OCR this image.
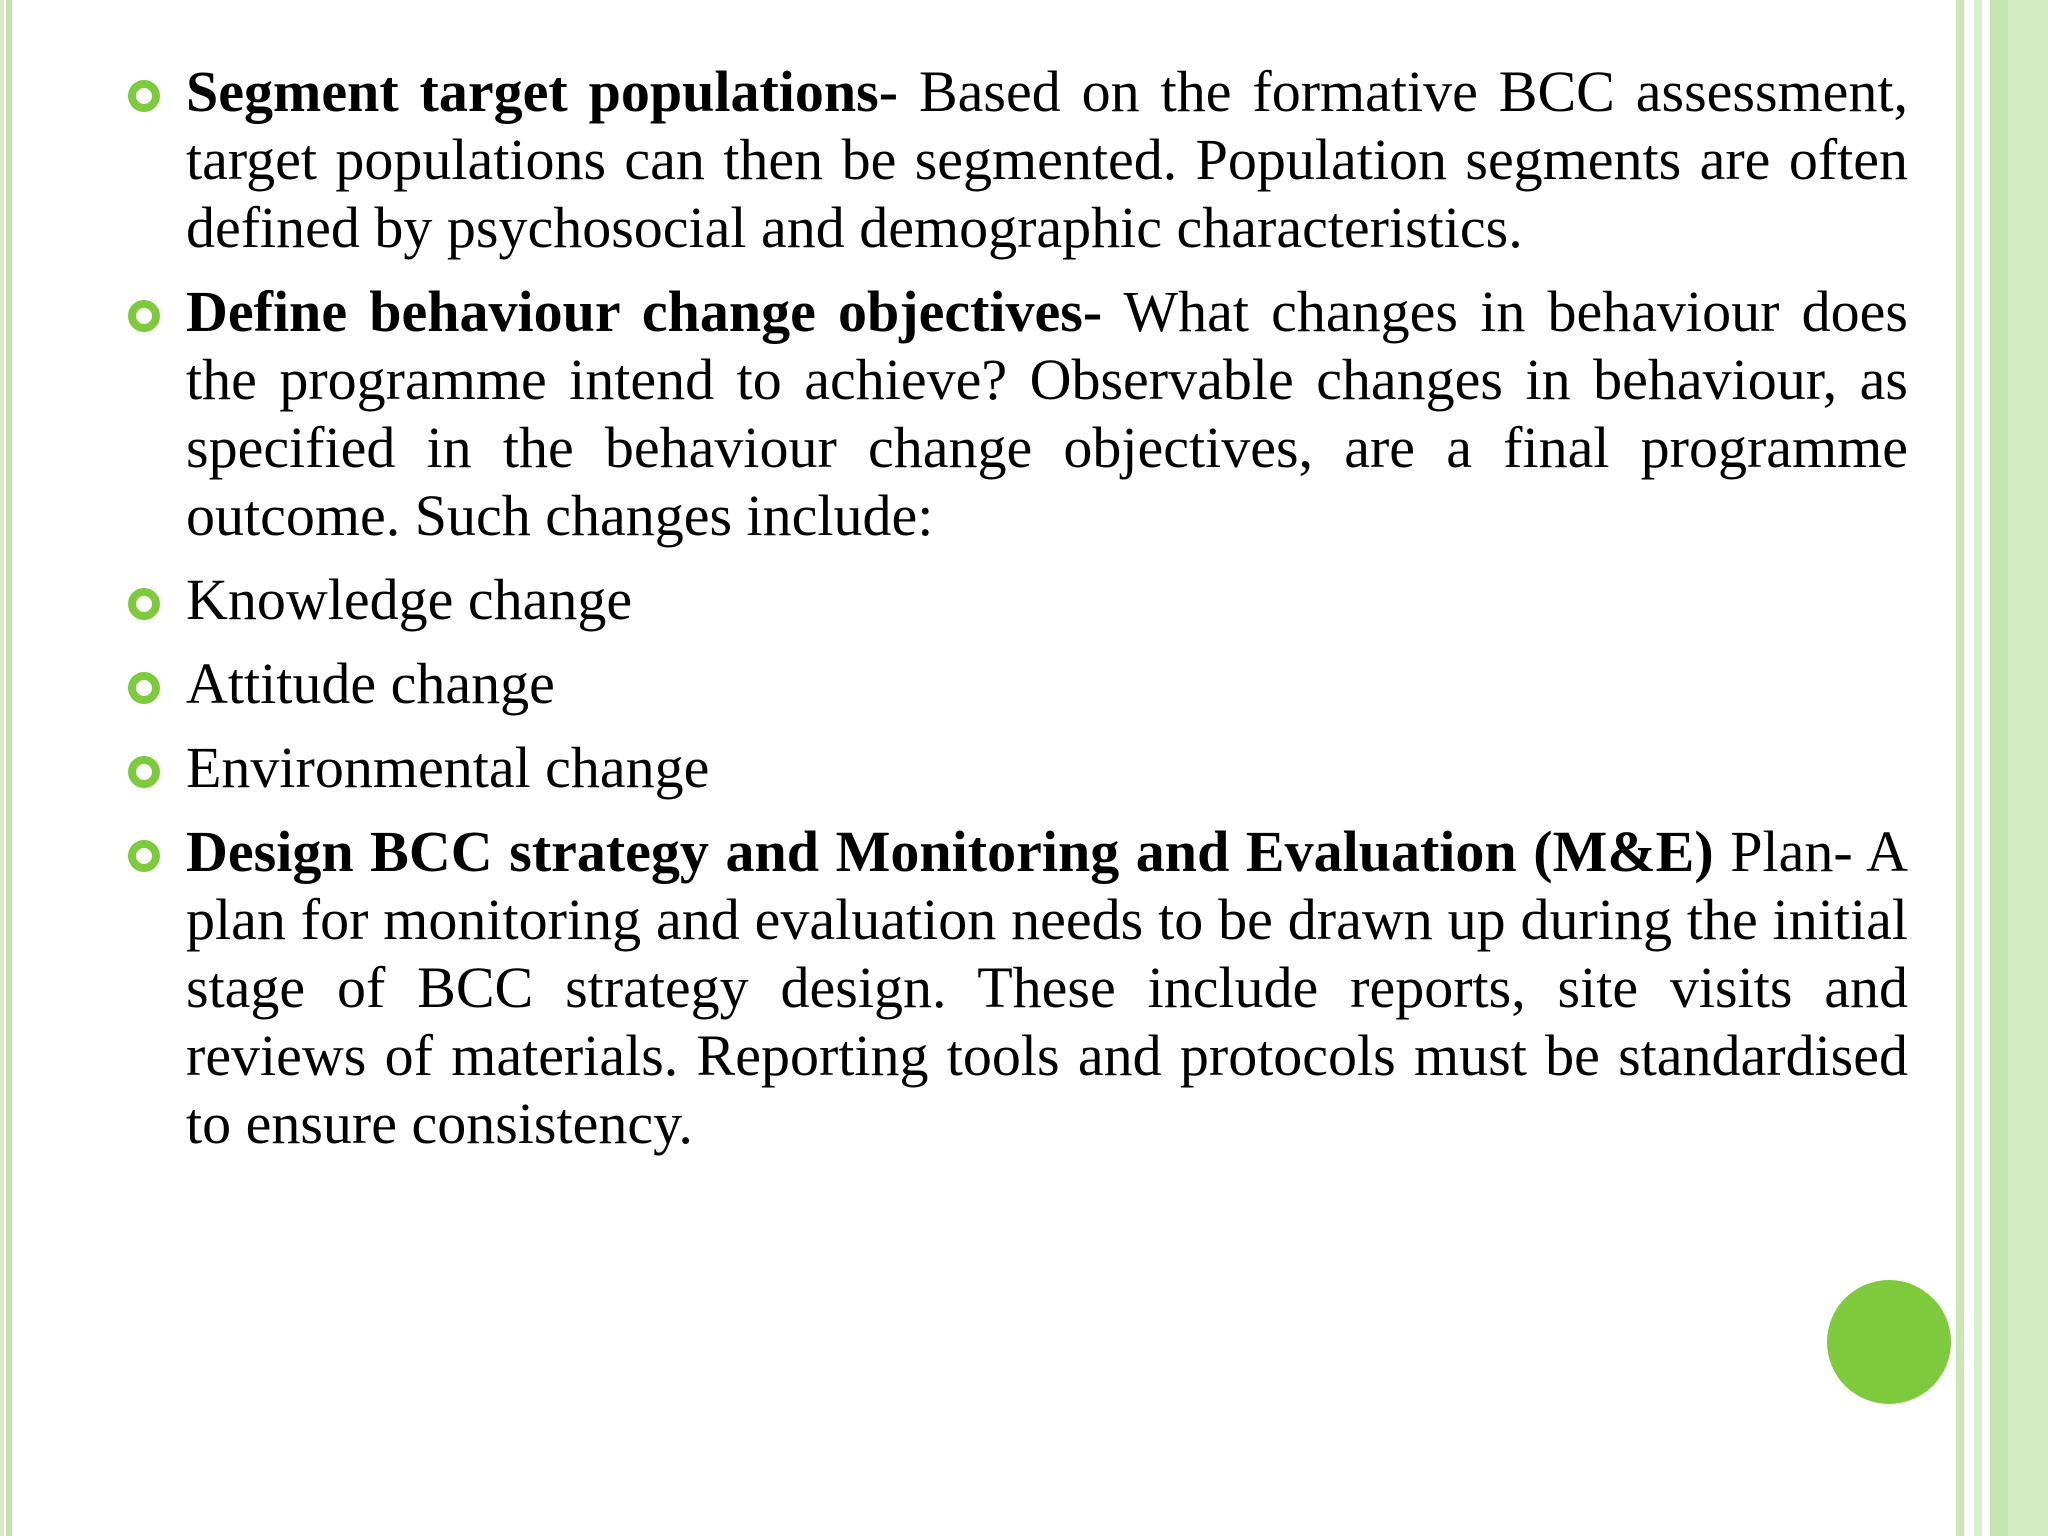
Segment target populations- Based on the formative BCC assessment, target populations can then be segmented. Population segments are often defined by psychosocial and demographic characteristics.
Define behaviour change objectives- What changes in behaviour does the programme intend to achieve? Observable changes in behaviour, as specified in the behaviour change objectives, are a final programme outcome. Such changes include:
Knowledge change
Attitude change
Environmental change
Design BCC strategy and Monitoring and Evaluation (M&E) Plan- A plan for monitoring and evaluation needs to be drawn up during the initial stage of BCC strategy design. These include reports, site visits and reviews of materials. Reporting tools and protocols must be standardised to ensure consistency.
